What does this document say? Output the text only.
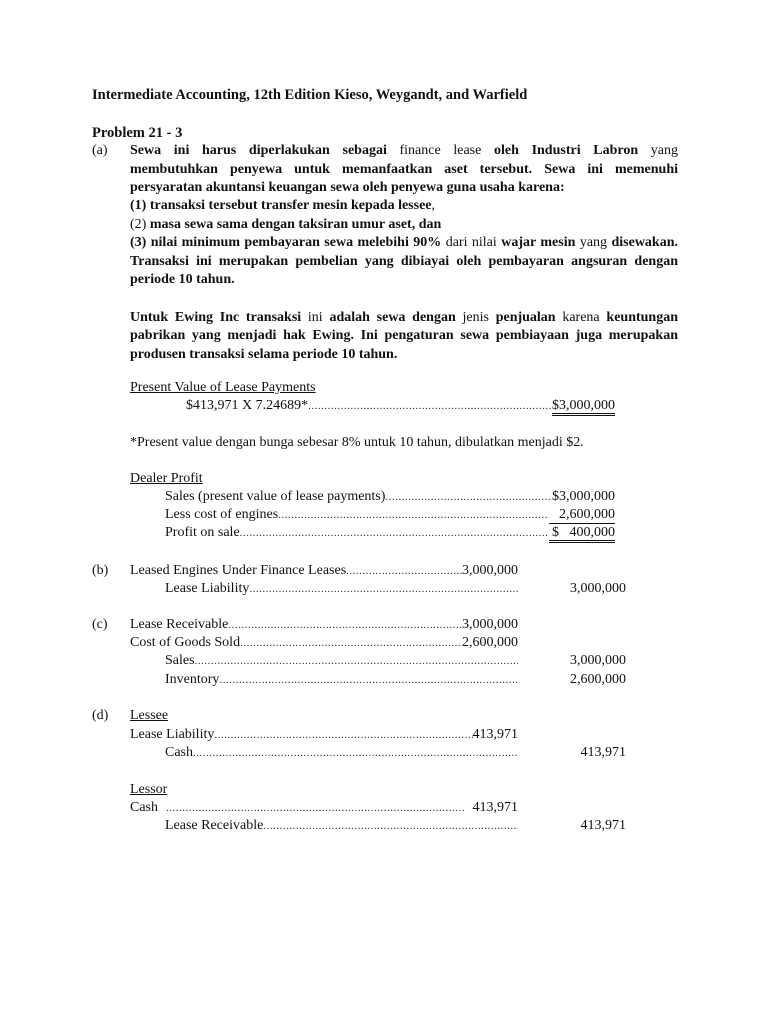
Intermediate Accounting, 12th Edition Kieso, Weygandt, and Warfield
Problem 21 - 3
(a) Sewa ini harus diperlakukan sebagai finance lease oleh Industri Labron yang
membutuhkan penyewa untuk memanfaatkan aset tersebut. Sewa ini memenuhi
persyaratan akuntansi keuangan sewa oleh penyewa guna usaha karena:
(1) transaksi tersebut transfer mesin kepada lessee,
(2) masa sewa sama dengan taksiran umur aset, dan
(3) nilai minimum pembayaran sewa melebihi 90% dari nilai wajar mesin yang disewakan.
Transaksi ini merupakan pembelian yang dibiayai oleh pembayaran angsuran dengan
periode 10 tahun.
Untuk Ewing Inc transaksi ini adalah sewa dengan jenis penjualan karena keuntungan
pabrikan yang menjadi hak Ewing. Ini pengaturan sewa pembiayaan juga merupakan
produsen transaksi selama periode 10 tahun.
Present Value of Lease Payments
$413,971 X 7.24689* .....	$3,000,000
*Present value dengan bunga sebesar 8% untuk 10 tahun, dibulatkan menjadi $2.
Dealer Profit
Sales (present value of lease payments) .....	$3,000,000
Less cost of engines .....	2,600,000
Profit on sale .....	$   400,000
(b) Leased Engines Under Finance Leases .....	3,000,000
Lease Liability .....	3,000,000
(c) Lease Receivable .....	3,000,000
Cost of Goods Sold .....	2,600,000
Sales .....	3,000,000
Inventory .....	2,600,000
(d) Lessee
Lease Liability .....	413,971
Cash .....	413,971
Lessor
Cash .....	413,971
Lease Receivable .....	413,971
